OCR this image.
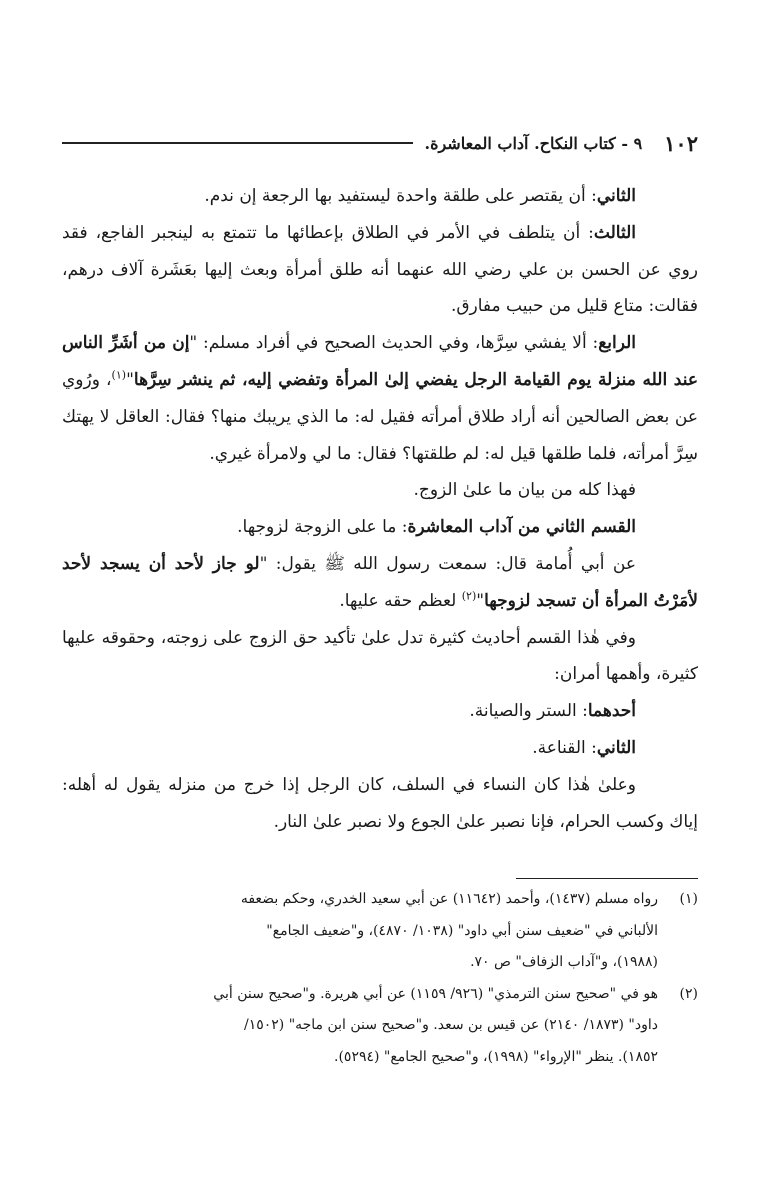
١٠٢
٩ - كتاب النكاح. آداب المعاشرة.

الثاني: أن يقتصر على طلقة واحدة ليستفيد بها الرجعة إن ندم.

الثالث: أن يتلطف في الأمر في الطلاق بإعطائها ما تتمتع به لينجبر الفاجع، فقد روي عن الحسن بن علي رضي الله عنهما أنه طلق أمرأة وبعث إليها بعَشَرة آلاف درهم، فقالت: متاع قليل من حبيب مفارق.

الرابع: ألا يفشي سِرَّها، وفي الحديث الصحيح في أفراد مسلم: "إن من أشَرِّ الناس عند الله منزلة يوم القيامة الرجل يفضي إلىٰ المرأة وتفضي إليه، ثم ينشر سِرَّها"$^{(١)}$، ورُوي عن بعض الصالحين أنه أراد طلاق أمرأته فقيل له: ما الذي يريبك منها؟ فقال: العاقل لا يهتك سِرَّ أمرأته، فلما طلقها قيل له: لم طلقتها؟ فقال: ما لي ولامرأة غيري.

فهذا كله من بيان ما علىٰ الزوج.

القسم الثاني من آداب المعاشرة: ما على الزوجة لزوجها.

عن أبي أُمامة قال: سمعت رسول الله ﷺ يقول: "لو جاز لأحد أن يسجد لأحد لأمَرْتُ المرأة أن تسجد لزوجها"$^{(٢)}$ لعظم حقه عليها.

وفي هٰذا القسم أحاديث كثيرة تدل علىٰ تأكيد حق الزوج على زوجته، وحقوقه عليها كثيرة، وأهمها أمران:

أحدهما: الستر والصيانة.

الثاني: القناعة.

وعلىٰ هٰذا كان النساء في السلف، كان الرجل إذا خرج من منزله يقول له أهله: إياك وكسب الحرام، فإنا نصبر علىٰ الجوع ولا نصبر علىٰ النار.

(١)رواه مسلم (١٤٣٧)، وأحمد (١١٦٤٢) عن أبي سعيد الخدري، وحكم بضعفه

الألباني في "ضعيف سنن أبي داود" (١٠٣٨/ ٤٨٧٠)، و"ضعيف الجامع"

(١٩٨٨)، و"آداب الزفاف" ص ٧٠.

(٢)هو في "صحيح سنن الترمذي" (٩٢٦/ ١١٥٩) عن أبي هريرة. و"صحيح سنن أبي

داود" (١٨٧٣/ ٢١٤٠) عن قيس بن سعد. و"صحيح سنن ابن ماجه" (١٥٠٢/

١٨٥٢). ينظر "الإرواء" (١٩٩٨)، و"صحيح الجامع" (٥٢٩٤).
